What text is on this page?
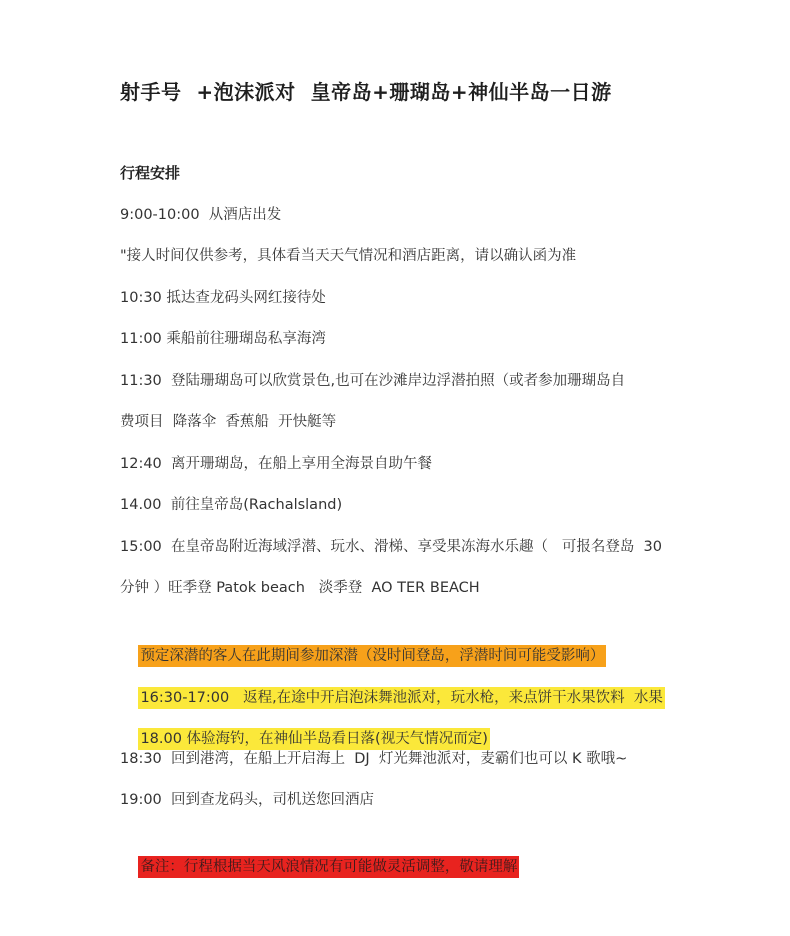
射手号  +泡沫派对  皇帝岛+珊瑚岛+神仙半岛一日游
行程安排
9:00-10:00  从酒店出发
"接人时间仅供参考，具体看当天天气情况和酒店距离，请以确认函为准
10:30 抵达查龙码头网红接待处
11:00 乘船前往珊瑚岛私享海湾
11:30  登陆珊瑚岛可以欣赏景色,也可在沙滩岸边浮潜拍照（或者参加珊瑚岛自
费项目  降落伞  香蕉船  开快艇等
12:40  离开珊瑚岛，在船上享用全海景自助午餐
14.00  前往皇帝岛(Rachalsland)
15:00  在皇帝岛附近海域浮潜、玩水、滑梯、享受果冻海水乐趣（   可报名登岛  30
分钟 ）旺季登 Patok beach   淡季登  AO TER BEACH

预定深潜的客人在此期间参加深潜（没时间登岛，浮潜时间可能受影响）

16:30-17:00   返程,在途中开启泡沫舞池派对，玩水枪，来点饼干水果饮料  水果

18.00 体验海钓，在神仙半岛看日落(视天气情况而定)

18:30  回到港湾，在船上开启海上  DJ  灯光舞池派对，麦霸们也可以 K 歌哦~
19:00  回到查龙码头，司机送您回酒店

备注：行程根据当天风浪情况有可能做灵活调整，敬请理解
